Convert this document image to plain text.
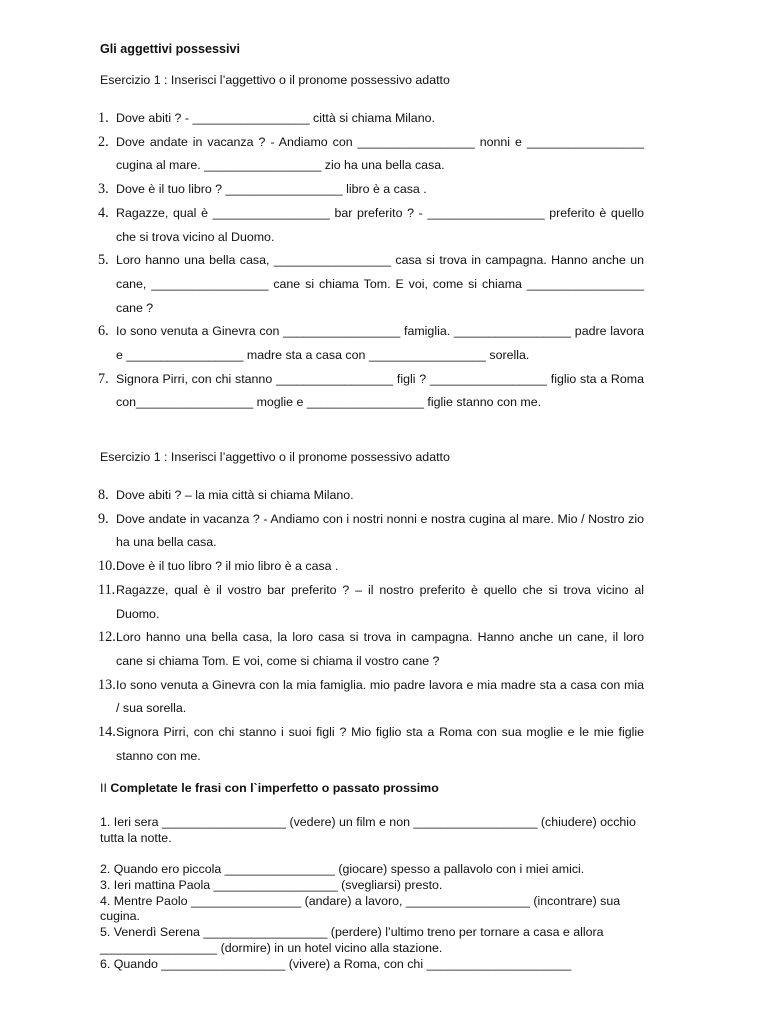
Gli aggettivi possessivi
Esercizio 1 : Inserisci l’aggettivo o il pronome possessivo adatto
1. Dove abiti ? - _________________ città si chiama Milano.
2. Dove andate in vacanza ? - Andiamo con _________________ nonni e _________________ cugina al mare. _________________ zio ha una bella casa.
3. Dove è il tuo libro ? _________________ libro è a casa .
4. Ragazze, qual è _________________ bar preferito ? - _________________ preferito è quello che si trova vicino al Duomo.
5. Loro hanno una bella casa, _________________ casa si trova in campagna. Hanno anche un cane, _________________ cane si chiama Tom. E voi, come si chiama _________________ cane ?
6. Io sono venuta a Ginevra con _________________ famiglia. _________________ padre lavora e _________________ madre sta a casa con _________________ sorella.
7. Signora Pirri, con chi stanno _________________ figli ? _________________ figlio sta a Roma con_________________ moglie e _________________ figlie stanno con me.
Esercizio 1 : Inserisci l’aggettivo o il pronome possessivo adatto
8. Dove abiti ? – la mia città si chiama Milano.
9. Dove andate in vacanza ? - Andiamo con i nostri nonni e nostra cugina al mare. Mio / Nostro zio ha una bella casa.
10. Dove è il tuo libro ? il mio libro è a casa .
11. Ragazze, qual è il vostro bar preferito ? – il nostro preferito è quello che si trova vicino al Duomo.
12. Loro hanno una bella casa, la loro casa si trova in campagna. Hanno anche un cane, il loro cane si chiama Tom. E voi, come si chiama il vostro cane ?
13. Io sono venuta a Ginevra con la mia famiglia. mio padre lavora e mia madre sta a casa con mia / sua sorella.
14. Signora Pirri, con chi stanno i suoi figli ? Mio figlio sta a Roma con sua moglie e le mie figlie stanno con me.
II Completate le frasi con l`imperfetto o passato prossimo
1. Ieri sera __________________ (vedere) un film e non __________________ (chiudere) occhio tutta la notte.
2. Quando ero piccola ________________ (giocare) spesso a pallavolo con i miei amici.
3. Ieri mattina Paola __________________ (svegliarsi) presto.
4. Mentre Paolo ________________ (andare) a lavoro, __________________ (incontrare) sua cugina.
5. Venerdì Serena __________________ (perdere) l’ultimo treno per tornare a casa e allora _________________ (dormire) in un hotel vicino alla stazione.
6. Quando __________________ (vivere) a Roma, con chi _____________________
